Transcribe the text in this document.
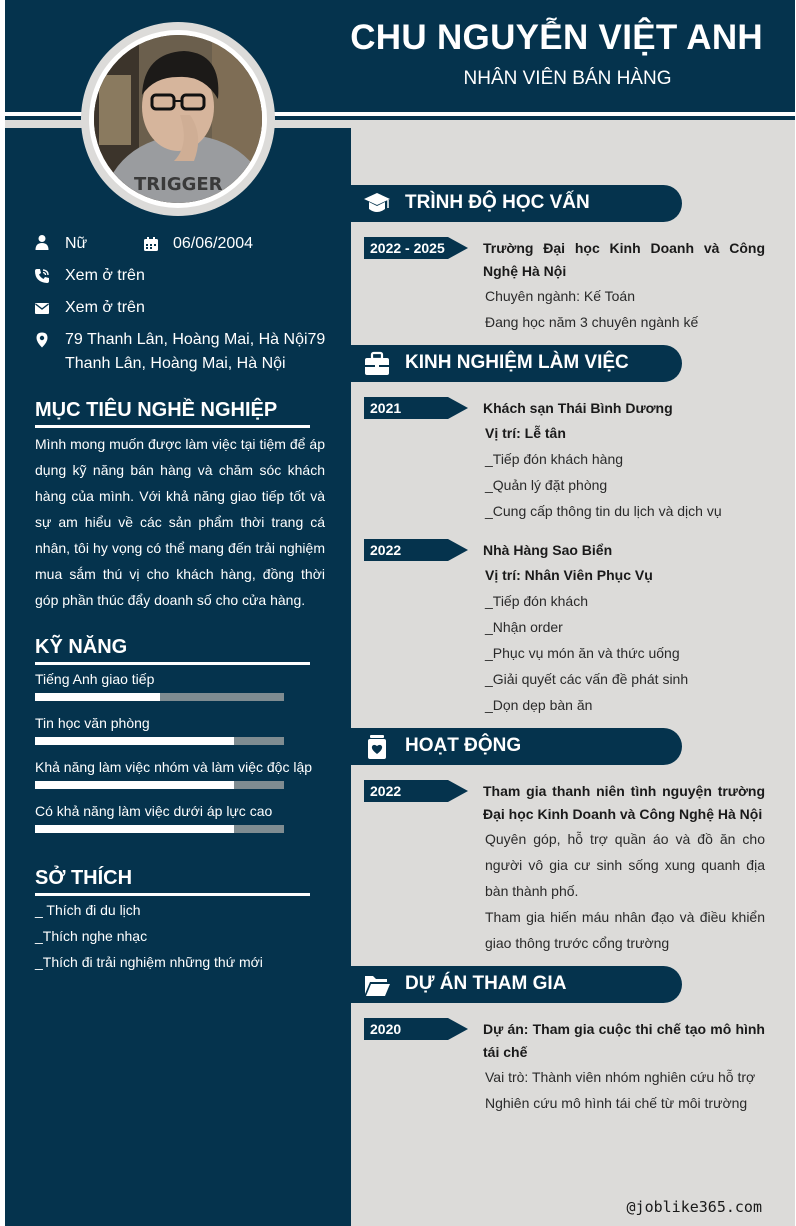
CHU NGUYỄN VIỆT ANH
NHÂN VIÊN BÁN HÀNG
TRIGGER
Nữ	06/06/2004
Xem ở trên
Xem ở trên
79 Thanh Lân, Hoàng Mai, Hà Nội79 Thanh Lân, Hoàng Mai, Hà Nội
MỤC TIÊU NGHỀ NGHIỆP
Mình mong muốn được làm việc tại tiệm để áp dụng kỹ năng bán hàng và chăm sóc khách hàng của mình. Với khả năng giao tiếp tốt và sự am hiểu về các sản phẩm thời trang cá nhân, tôi hy vọng có thể mang đến trải nghiệm mua sắm thú vị cho khách hàng, đồng thời góp phần thúc đẩy doanh số cho cửa hàng.
KỸ NĂNG
Tiếng Anh giao tiếp
Tin học văn phòng
Khả năng làm việc nhóm và làm việc độc lập
Có khả năng làm việc dưới áp lực cao
SỞ THÍCH
_ Thích đi du lịch
_Thích nghe nhạc
_Thích đi trải nghiệm những thứ mới
TRÌNH ĐỘ HỌC VẤN
2022 - 2025	Trường Đại học Kinh Doanh và Công Nghệ Hà Nội
Chuyên ngành: Kế Toán
Đang học năm 3 chuyên ngành kế
KINH NGHIỆM LÀM VIỆC
2021	Khách sạn Thái Bình Dương
Vị trí: Lễ tân
_Tiếp đón khách hàng
_Quản lý đặt phòng
_Cung cấp thông tin du lịch và dịch vụ
2022	Nhà Hàng Sao Biển
Vị trí: Nhân Viên Phục Vụ
_Tiếp đón khách
_Nhận order
_Phục vụ món ăn và thức uống
_Giải quyết các vấn đề phát sinh
_Dọn dẹp bàn ăn
HOẠT ĐỘNG
2022	Tham gia thanh niên tình nguyện trường Đại học Kinh Doanh và Công Nghệ Hà Nội
Quyên góp, hỗ trợ quần áo và đồ ăn cho người vô gia cư sinh sống xung quanh địa bàn thành phố.
Tham gia hiến máu nhân đạo và điều khiển giao thông trước cổng trường
DỰ ÁN THAM GIA
2020	Dự án: Tham gia cuộc thi chế tạo mô hình tái chế
Vai trò: Thành viên nhóm nghiên cứu hỗ trợ
Nghiên cứu mô hình tái chế từ môi trường
@joblike365.com
